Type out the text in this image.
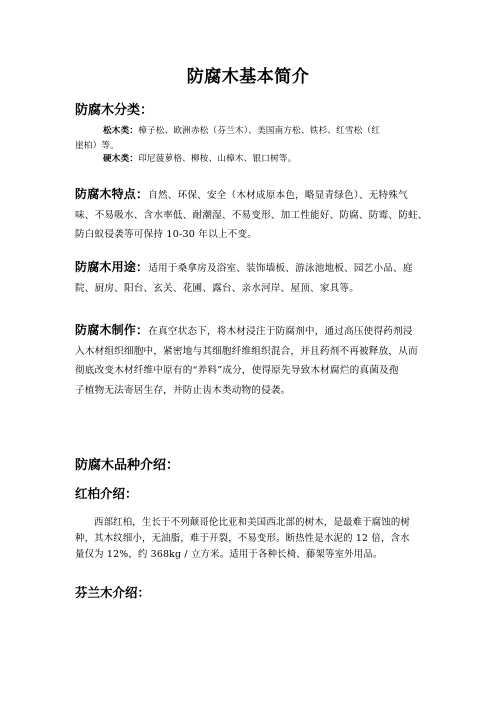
防腐木基本简介
防腐木分类：
松木类：樟子松、欧洲赤松（芬兰木）、美国南方松、铁杉、红雪松（红
崖柏）等。
硬木类：印尼菠萝格、柳桉、山樟木、银口树等。
防腐木特点：自然、环保、安全（木材成原本色，略显青绿色）、无特殊气
味、不易吸水、含水率低、耐潮湿、不易变形、加工性能好、防腐、防霉、防蛀、
防白蚁侵袭等可保持 10-30 年以上不变。
防腐木用途：适用于桑拿房及浴室、装饰墙板、游泳池地板、园艺小品、庭
院、厨房、阳台、玄关、花圃、露台、亲水河岸、屋顶、家具等。
防腐木制作：在真空状态下，将木材浸注于防腐剂中，通过高压使得药剂浸
入木材组织细胞中，紧密地与其细胞纤维组织混合，并且药剂不再被释放，从而
彻底改变木材纤维中原有的“养料”成分，使得原先导致木材腐烂的真菌及孢
子植物无法寄居生存，并防止齿木类动物的侵袭。
防腐木品种介绍：
红柏介绍：
西部红柏，生长于不列颠哥伦比亚和美国西北部的树木，是最难于腐蚀的树
种，其木纹细小，无油脂，难于开裂，不易变形。断热性是水泥的 12 倍，含水
量仅为 12%，约 368kg / 立方米。适用于各种长椅、藤架等室外用品。
芬兰木介绍：
